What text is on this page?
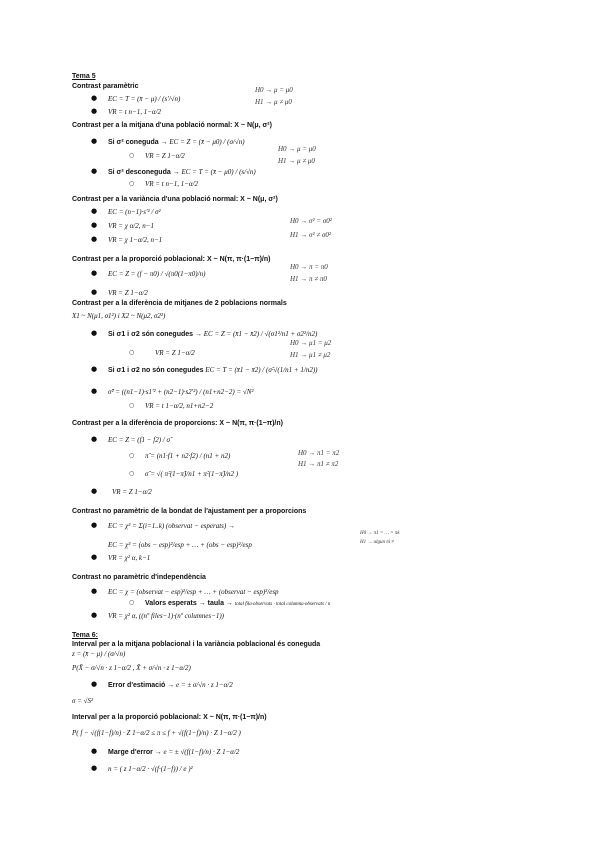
Tema 5
Contrast paramètric
● EC = T = (x̄ − μ) / (s′/√n)
● VR = t n−1, 1−α/2
H0 → μ = μ0
H1 → μ ≠ μ0
Contrast per a la mitjana d'una població normal: X ~ N(μ, σ²)
● Si σ² coneguda → EC = Z = (x̄ − μ0) / (σ/√n)
○ VR = Z 1−α/2
● Si σ² desconeguda → EC = T = (x̄ − μ0) / (s/√n)
○ VR = t n−1, 1−α/2
H0 → μ = μ0
H1 → μ ≠ μ0
Contrast per a la variància d'una població normal: X ~ N(μ, σ²)
● EC = (n−1)·s′² / σ²
● VR = χ α/2, n−1
● VR = χ 1−α/2, n−1
H0 → σ² = σ0²
H1 → σ² ≠ σ0²
Contrast per a la proporció poblacional: X ~ N(π, π·(1−π)/n)
● EC = Z = (f − π0) / √(π0(1−π0)/n)
● VR = Z 1−α/2
H0 → π = π0
H1 → π ≠ π0
Contrast per a la diferència de mitjanes de 2 poblacions normals
X1 ~ N(μ1, σ1²) i X2 ~ N(μ2, σ2²)
● Si σ1 i σ2 són conegudes → EC = Z = (x̄1 − x̄2) / √(σ1²/n1 + σ2²/n2)
○	VR = Z 1−α/2
● Si σ1 i σ2 no són conegudes EC = T = (x̄1 − x̄2) / (σ̂·√(1/n1 + 1/n2))
● σ̂² = ((n1−1)·s1′² + (n2−1)·s2′²) / (n1+n2−2) = √N²
○ VR = t 1−α/2, n1+n2−2
H0 → μ1 = μ2
H1 → μ1 ≠ μ2
Contrast per a la diferència de proporcions: X ~ N(π, π·(1−π)/n)
● EC = Z = (f1 − f2) / σ̂
○ π̂ = (n1·f1 + n2·f2) / (n1 + n2)
○ σ̂ = √( π̂·(1−π̂)/n1 + π̂·(1−π̂)/n2 )
● VR = Z 1−α/2
H0 → π1 = π2
H1 → π1 ≠ π2
Contrast no paramètric de la bondat de l'ajustament per a proporcions
● EC = χ² = Σ(i=1..k) (observat − esperats) →
EC = χ² = (obs − esp)²/esp + … + (obs − esp)²/esp
● VR = χ² α, k−1
H0 → π1 = … = πk
H1 → algun πi ≠
Contrast no paramètric d'independència
● EC = χ = (observat − esp)²/esp + … + (observat − esp)²/esp
○ Valors esperats → taula → total fila·observats · total columna·observats / n
● VR = χ² α, ((nº files−1)·(nº columnes−1))
Tema 6:
Interval per a la mitjana poblacional i la variància poblacional és coneguda
z = (x̄ − μ) / (σ/√n)
P(X̄ − σ/√n · z 1−α/2 , X̄ + σ/√n · z 1−α/2)
● Error d'estimació → e = ± σ/√n · z 1−α/2
σ = √S²
Interval per a la proporció poblacional: X ~ N(π, π·(1−π)/n)
P( f − √(f(1−f)/n) · Z 1−α/2 ≤ π ≤ f + √(f(1−f)/n) · Z 1−α/2 )
● Marge d'error → e = ± √(f(1−f)/n) · Z 1−α/2
● n = ( z 1−α/2 · √(f·(1−f)) / e )²
